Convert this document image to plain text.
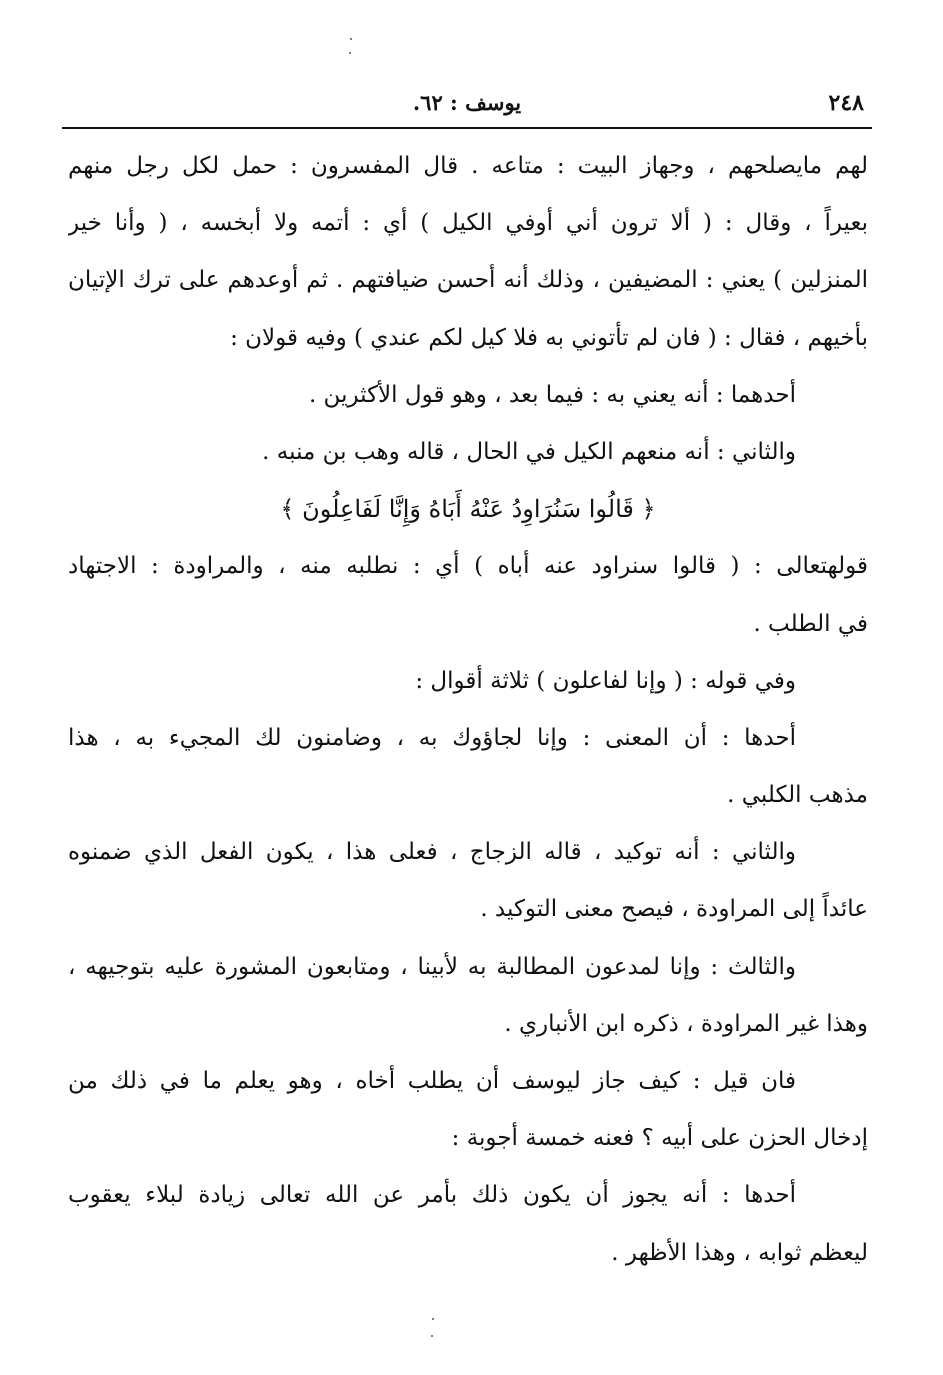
٢٤٨
يوسف : ٦٢.
لهم مايصلحهم ، وجهاز البيت : متاعه . قال المفسرون : حمل لكل رجل منهم
بعيراً ، وقال : ( ألا ترون أني أوفي الكيل ) أي : أتمه ولا أبخسه ، ( وأنا خير
المنزلين ) يعني : المضيفين ، وذلك أنه أحسن ضيافتهم . ثم أوعدهم على ترك الإتيان
بأخيهم ، فقال : ( فان لم تأتوني به فلا كيل لكم عندي ) وفيه قولان :
أحدهما : أنه يعني به : فيما بعد ، وهو قول الأكثرين .
والثاني : أنه منعهم الكيل في الحال ، قاله وهب بن منبه .
﴿ قَالُوا سَنُرَاوِدُ عَنْهُ أَبَاهُ وَإِنَّا لَفَاعِلُونَ ﴾
قولهتعالى : ( قالوا سنراود عنه أباه ) أي : نطلبه منه ، والمراودة : الاجتهاد
في الطلب .
وفي قوله : ( وإنا لفاعلون ) ثلاثة أقوال :
أحدها : أن المعنى : وإنا لجاؤوك به ، وضامنون لك المجيء به ، هذا
مذهب الكلبي .
والثاني : أنه توكيد ، قاله الزجاج ، فعلى هذا ، يكون الفعل الذي ضمنوه
عائداً إلى المراودة ، فيصح معنى التوكيد .
والثالث : وإنا لمدعون المطالبة به لأبينا ، ومتابعون المشورة عليه بتوجيهه ،
وهذا غير المراودة ، ذكره ابن الأنباري .
فان قيل : كيف جاز ليوسف أن يطلب أخاه ، وهو يعلم ما في ذلك من
إدخال الحزن على أبيه ؟ فعنه خمسة أجوبة :
أحدها : أنه يجوز أن يكون ذلك بأمر عن الله تعالى زيادة لبلاء يعقوب
ليعظم ثوابه ، وهذا الأظهر .
